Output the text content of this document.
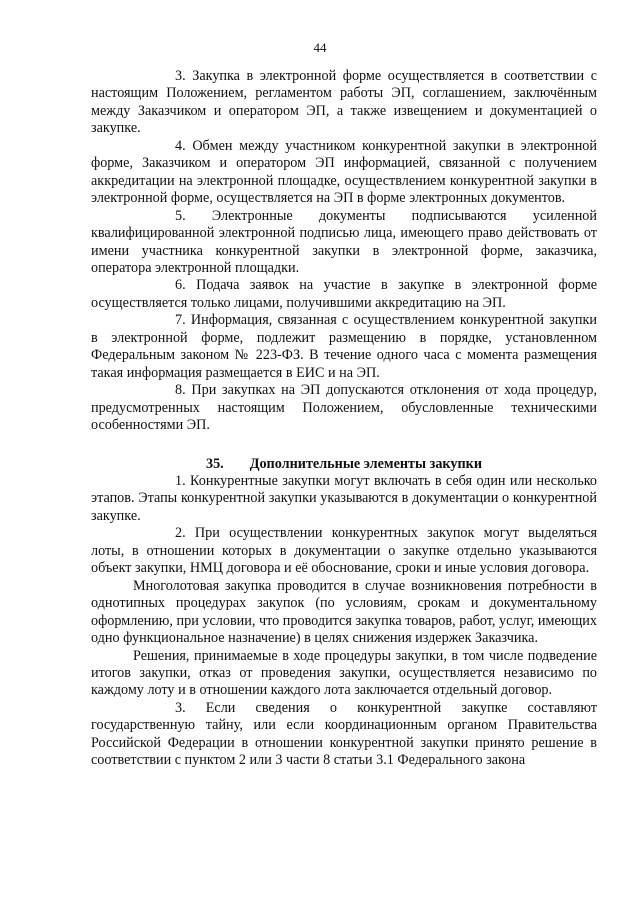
44

3. Закупка в электронной форме осуществляется в соответствии с настоящим Положением, регламентом работы ЭП, соглашением, заключённым между Заказчиком и оператором ЭП, а также извещением и документацией о закупке.

4. Обмен между участником конкурентной закупки в электронной форме, Заказчиком и оператором ЭП информацией, связанной с получением аккредитации на электронной площадке, осуществлением конкурентной закупки в электронной форме, осуществляется на ЭП в форме электронных документов.

5. Электронные документы подписываются усиленной квалифицированной электронной подписью лица, имеющего право действовать от имени участника конкурентной закупки в электронной форме, заказчика, оператора электронной площадки.

6. Подача заявок на участие в закупке в электронной форме осуществляется только лицами, получившими аккредитацию на ЭП.

7. Информация, связанная с осуществлением конкурентной закупки в электронной форме, подлежит размещению в порядке, установленном Федеральным законом № 223-ФЗ. В течение одного часа с момента размещения такая информация размещается в ЕИС и на ЭП.

8. При закупках на ЭП допускаются отклонения от хода процедур, предусмотренных настоящим Положением, обусловленные техническими особенностями ЭП.

35. Дополнительные элементы закупки

1. Конкурентные закупки могут включать в себя один или несколько этапов. Этапы конкурентной закупки указываются в документации о конкурентной закупке.

2. При осуществлении конкурентных закупок могут выделяться лоты, в отношении которых в документации о закупке отдельно указываются объект закупки, НМЦ договора и её обоснование, сроки и иные условия договора.

Многолотовая закупка проводится в случае возникновения потребности в однотипных процедурах закупок (по условиям, срокам и документальному оформлению, при условии, что проводится закупка товаров, работ, услуг, имеющих одно функциональное назначение) в целях снижения издержек Заказчика.

Решения, принимаемые в ходе процедуры закупки, в том числе подведение итогов закупки, отказ от проведения закупки, осуществляется независимо по каждому лоту и в отношении каждого лота заключается отдельный договор.

3. Если сведения о конкурентной закупке составляют государственную тайну, или если координационным органом Правительства Российской Федерации в отношении конкурентной закупки принято решение в соответствии с пунктом 2 или 3 части 8 статьи 3.1 Федерального закона
